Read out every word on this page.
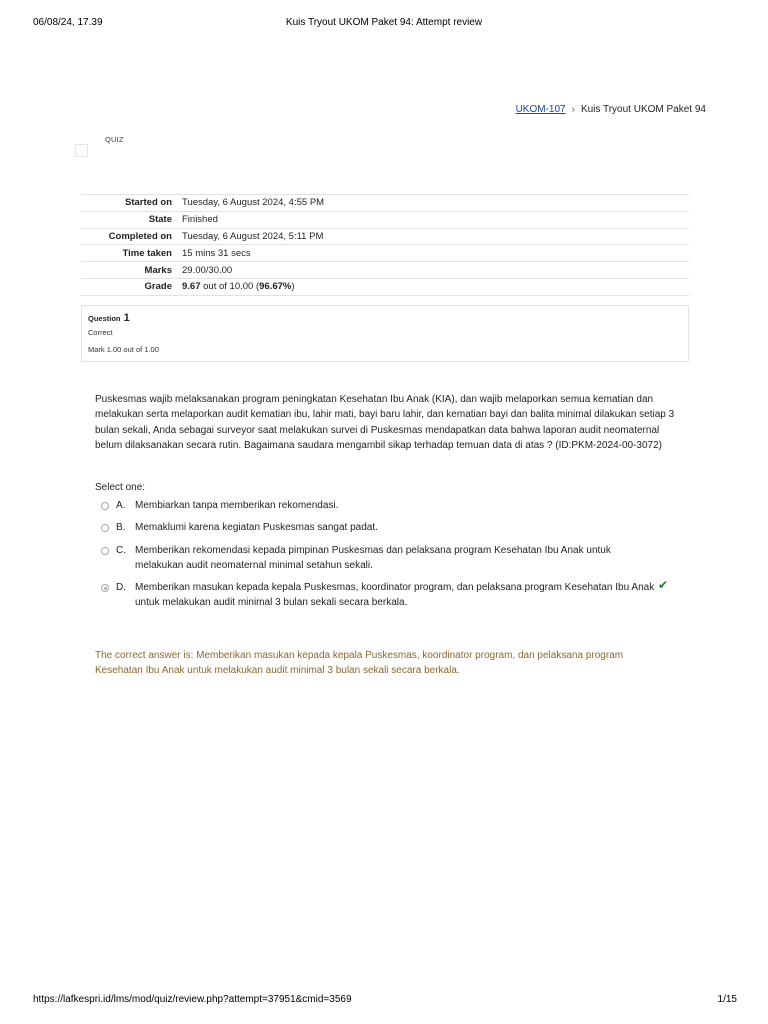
06/08/24, 17.39	Kuis Tryout UKOM Paket 94: Attempt review
UKOM-107 › Kuis Tryout UKOM Paket 94
QUIZ
Started on	Tuesday, 6 August 2024, 4:55 PM
State	Finished
Completed on	Tuesday, 6 August 2024, 5:11 PM
Time taken	15 mins 31 secs
Marks	29.00/30.00
Grade	9.67 out of 10.00 (96.67%)
Question 1
Correct
Mark 1.00 out of 1.00
Puskesmas wajib melaksanakan program peningkatan Kesehatan Ibu Anak (KIA), dan wajib melaporkan semua kematian dan melakukan serta melaporkan audit kematian ibu, lahir mati, bayi baru lahir, dan kematian bayi dan balita minimal dilakukan setiap 3 bulan sekali, Anda sebagai surveyor saat melakukan survei di Puskesmas mendapatkan data bahwa laporan audit neomaternal belum dilaksanakan secara rutin. Bagaimana saudara mengambil sikap terhadap temuan data di atas ? (ID:PKM-2024-00-3072)
Select one:
A. Membiarkan tanpa memberikan rekomendasi.
B. Memaklumi karena kegiatan Puskesmas sangat padat.
C. Memberikan rekomendasi kepada pimpinan Puskesmas dan pelaksana program Kesehatan Ibu Anak untuk melakukan audit neomaternal minimal setahun sekali.
D. Memberikan masukan kepada kepala Puskesmas, koordinator program, dan pelaksana program Kesehatan Ibu Anak untuk melakukan audit minimal 3 bulan sekali secara berkala.
✔
The correct answer is: Memberikan masukan kepada kepala Puskesmas, koordinator program, dan pelaksana program Kesehatan Ibu Anak untuk melakukan audit minimal 3 bulan sekali secara berkala.
https://lafkespri.id/lms/mod/quiz/review.php?attempt=37951&cmid=3569	1/15
